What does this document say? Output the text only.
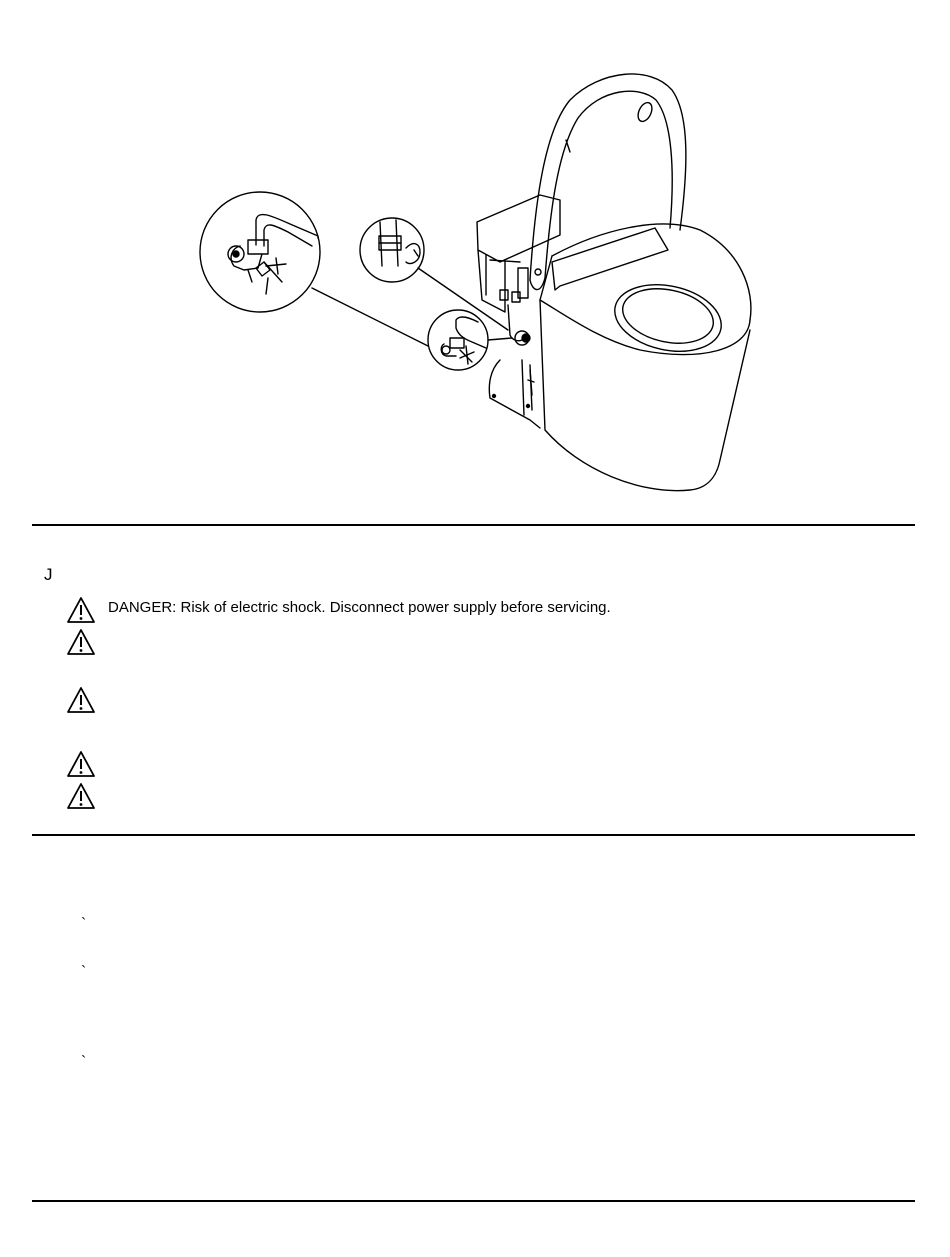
J
DANGER: Risk of electric shock. Disconnect power supply before servicing.
`
`
`
